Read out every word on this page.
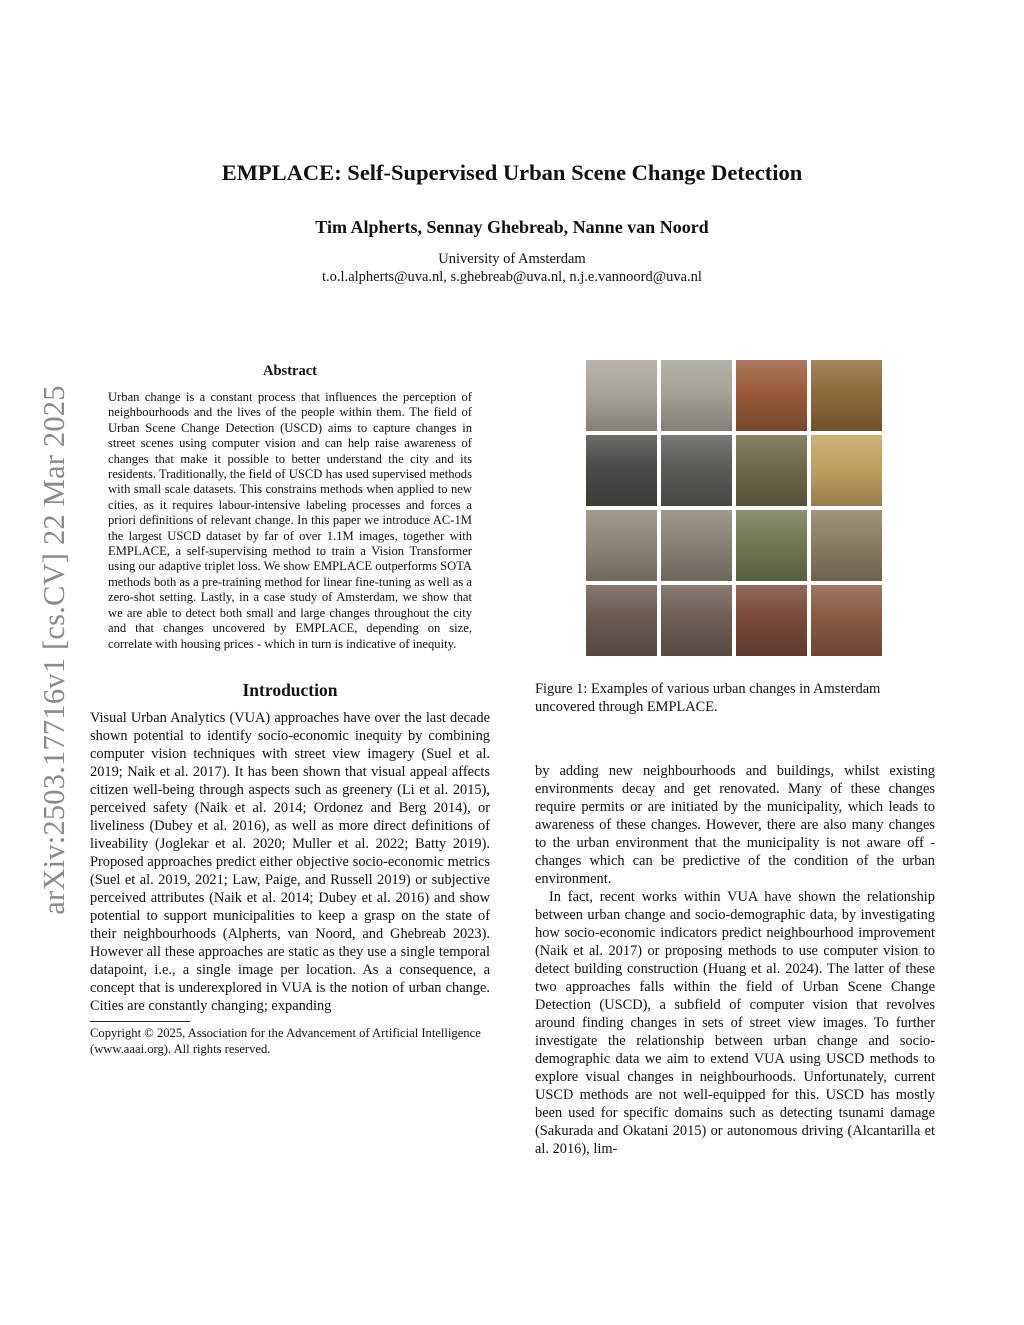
arXiv:2503.17716v1 [cs.CV] 22 Mar 2025
EMPLACE: Self-Supervised Urban Scene Change Detection
Tim Alpherts, Sennay Ghebreab, Nanne van Noord
University of Amsterdam
t.o.l.alpherts@uva.nl, s.ghebreab@uva.nl, n.j.e.vannoord@uva.nl
Abstract

Urban change is a constant process that influences the perception of neighbourhoods and the lives of the people within them. The field of Urban Scene Change Detection (USCD) aims to capture changes in street scenes using computer vision and can help raise awareness of changes that make it possible to better understand the city and its residents. Traditionally, the field of USCD has used supervised methods with small scale datasets. This constrains methods when applied to new cities, as it requires labour-intensive labeling processes and forces a priori definitions of relevant change. In this paper we introduce AC-1M the largest USCD dataset by far of over 1.1M images, together with EMPLACE, a self-supervising method to train a Vision Transformer using our adaptive triplet loss. We show EMPLACE outperforms SOTA methods both as a pre-training method for linear fine-tuning as well as a zero-shot setting. Lastly, in a case study of Amsterdam, we show that we are able to detect both small and large changes throughout the city and that changes uncovered by EMPLACE, depending on size, correlate with housing prices - which in turn is indicative of inequity.

Introduction

Visual Urban Analytics (VUA) approaches have over the last decade shown potential to identify socio-economic inequity by combining computer vision techniques with street view imagery (Suel et al. 2019; Naik et al. 2017). It has been shown that visual appeal affects citizen well-being through aspects such as greenery (Li et al. 2015), perceived safety (Naik et al. 2014; Ordonez and Berg 2014), or liveliness (Dubey et al. 2016), as well as more direct definitions of liveability (Joglekar et al. 2020; Muller et al. 2022; Batty 2019). Proposed approaches predict either objective socio-economic metrics (Suel et al. 2019, 2021; Law, Paige, and Russell 2019) or subjective perceived attributes (Naik et al. 2014; Dubey et al. 2016) and show potential to support municipalities to keep a grasp on the state of their neighbourhoods (Alpherts, van Noord, and Ghebreab 2023). However all these approaches are static as they use a single temporal datapoint, i.e., a single image per location. As a consequence, a concept that is underexplored in VUA is the notion of urban change. Cities are constantly changing; expanding

Copyright © 2025, Association for the Advancement of Artificial Intelligence (www.aaai.org). All rights reserved.

Figure 1: Examples of various urban changes in Amsterdam uncovered through EMPLACE.

by adding new neighbourhoods and buildings, whilst existing environments decay and get renovated. Many of these changes require permits or are initiated by the municipality, which leads to awareness of these changes. However, there are also many changes to the urban environment that the municipality is not aware off - changes which can be predictive of the condition of the urban environment.

In fact, recent works within VUA have shown the relationship between urban change and socio-demographic data, by investigating how socio-economic indicators predict neighbourhood improvement (Naik et al. 2017) or proposing methods to use computer vision to detect building construction (Huang et al. 2024). The latter of these two approaches falls within the field of Urban Scene Change Detection (USCD), a subfield of computer vision that revolves around finding changes in sets of street view images. To further investigate the relationship between urban change and socio-demographic data we aim to extend VUA using USCD methods to explore visual changes in neighbourhoods. Unfortunately, current USCD methods are not well-equipped for this. USCD has mostly been used for specific domains such as detecting tsunami damage (Sakurada and Okatani 2015) or autonomous driving (Alcantarilla et al. 2016), lim-
